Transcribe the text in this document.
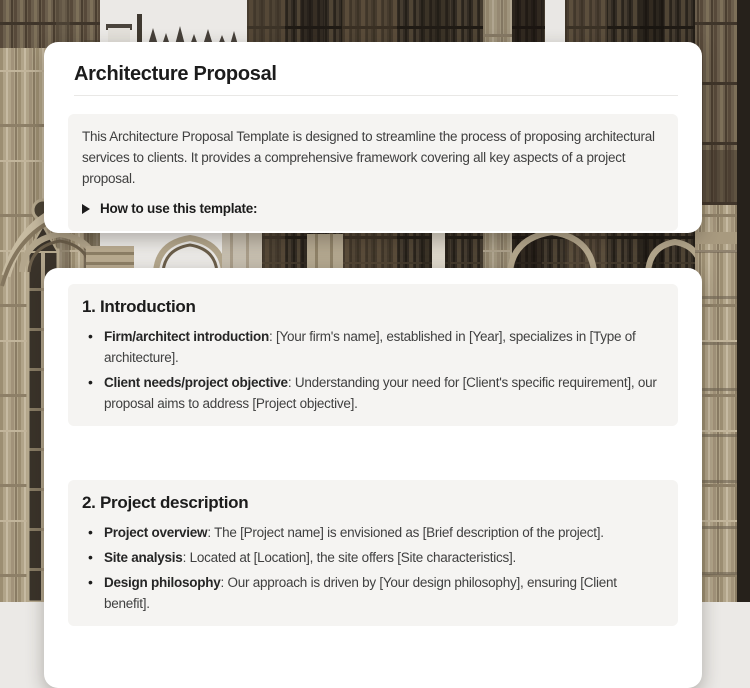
Architecture Proposal

This Architecture Proposal Template is designed to streamline the process of proposing architectural services to clients. It provides a comprehensive framework covering all key aspects of a project proposal.

How to use this template:
1. Introduction
• Firm/architect introduction: [Your firm's name], established in [Year], specializes in [Type of architecture].
• Client needs/project objective: Understanding your need for [Client's specific requirement], our proposal aims to address [Project objective].
2. Project description
• Project overview: The [Project name] is envisioned as [Brief description of the project].
• Site analysis: Located at [Location], the site offers [Site characteristics].
• Design philosophy: Our approach is driven by [Your design philosophy], ensuring [Client benefit].
